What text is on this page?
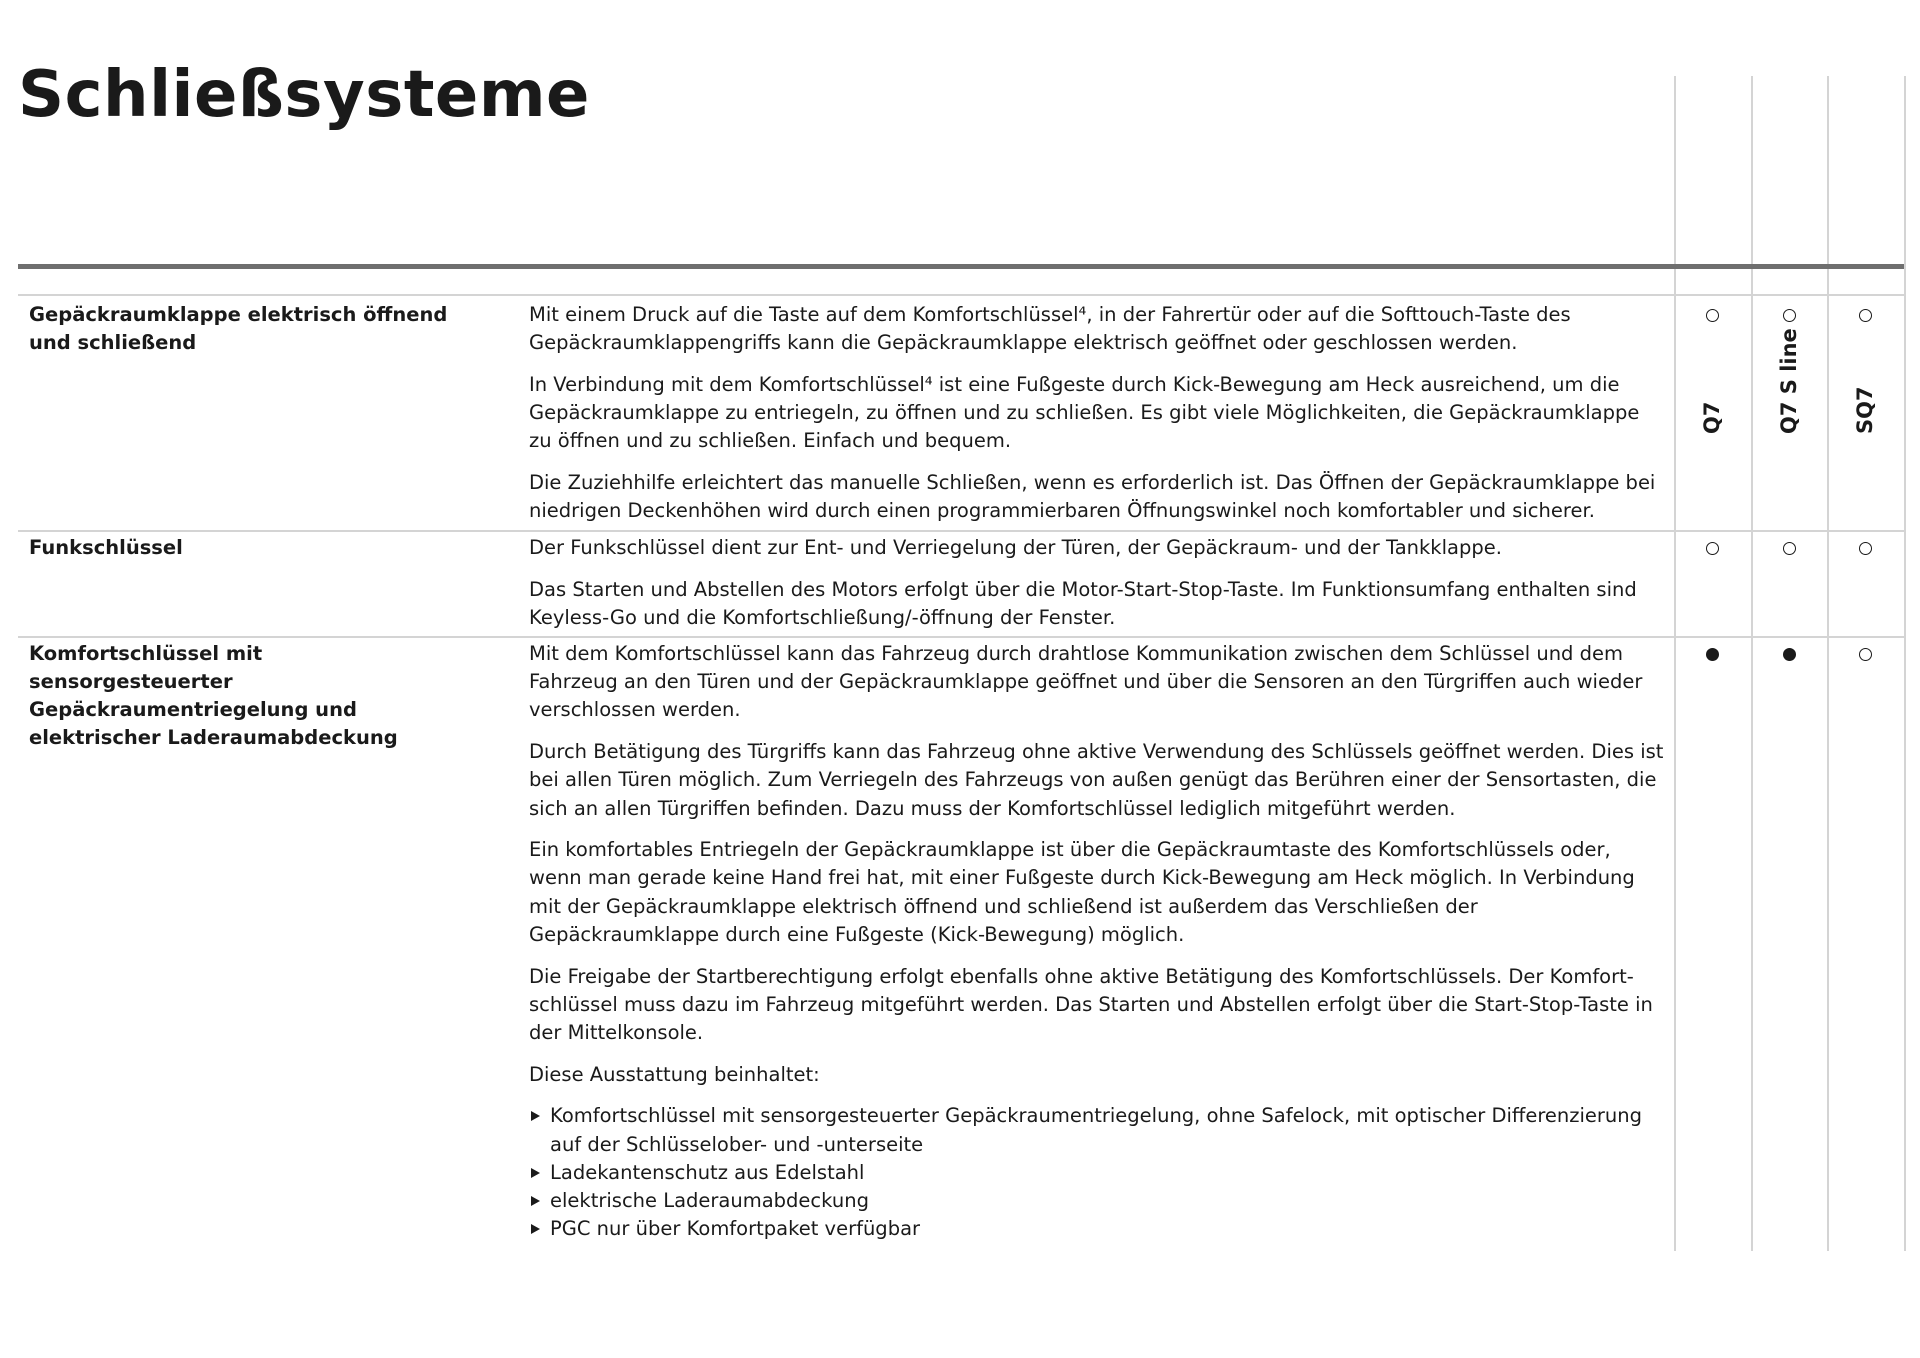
Schließsysteme
Q7	Q7 S line SQ7
Gepäckraumklappe elektrisch öffnend und schließend

Mit einem Druck auf die Taste auf dem Komfortschlüssel⁴, in der Fahrertür oder auf die Softtouch-Taste des Gepäckraumklappengriffs kann die Gepäckraumklappe elektrisch geöffnet oder geschlossen werden.

In Verbindung mit dem Komfortschlüssel⁴ ist eine Fußgeste durch Kick-Bewegung am Heck ausreichend, um die Gepäckraumklappe zu entriegeln, zu öffnen und zu schließen. Es gibt viele Möglichkeiten, die Gepäckraumklappe zu öffnen und zu schließen. Einfach und bequem.

Die Zuziehhilfe erleichtert das manuelle Schließen, wenn es erforderlich ist. Das Öffnen der Gepäckraumklappe bei niedrigen Deckenhöhen wird durch einen programmierbaren Öffnungswinkel noch komfortabler und sicherer.

Funkschlüssel	Der Funkschlüssel dient zur Ent- und Verriegelung der Türen, der Gepäckraum- und der Tankklappe.

Das Starten und Abstellen des Motors erfolgt über die Motor-Start-Stop-Taste. Im Funktionsumfang enthalten sind Keyless-Go und die Komfortschließung/-öffnung der Fenster.

Komfortschlüssel mit sensorgesteuerter Gepäckraumentriegelung und elektrischer Laderaumabdeckung

Mit dem Komfortschlüssel kann das Fahrzeug durch drahtlose Kommunikation zwischen dem Schlüssel und dem Fahrzeug an den Türen und der Gepäckraumklappe geöffnet und über die Sensoren an den Türgriffen auch wieder verschlossen werden.

Durch Betätigung des Türgriffs kann das Fahrzeug ohne aktive Verwendung des Schlüssels geöffnet werden. Dies ist bei allen Türen möglich. Zum Verriegeln des Fahrzeugs von außen genügt das Berühren einer der Sensortasten, die sich an allen Türgriffen befinden. Dazu muss der Komfortschlüssel lediglich mitgeführt werden.

Ein komfortables Entriegeln der Gepäckraumklappe ist über die Gepäckraumtaste des Komfortschlüssels oder, wenn man gerade keine Hand frei hat, mit einer Fußgeste durch Kick-Bewegung am Heck möglich. In Verbindung mit der Gepäckraumklappe elektrisch öffnend und schließend ist außerdem das Verschließen der Gepäckraumklappe durch eine Fußgeste (Kick-Bewegung) möglich.

Die Freigabe der Startberechtigung erfolgt ebenfalls ohne aktive Betätigung des Komfortschlüssels. Der Komfortschlüssel muss dazu im Fahrzeug mitgeführt werden. Das Starten und Abstellen erfolgt über die Start-Stop-Taste in der Mittelkonsole.

Diese Ausstattung beinhaltet:

Komfortschlüssel mit sensorgesteuerter Gepäckraumentriegelung, ohne Safelock, mit optischer Differenzierung auf der Schlüsselober- und -unterseite
Ladekantenschutz aus Edelstahl
elektrische Laderaumabdeckung
PGC nur über Komfortpaket verfügbar
